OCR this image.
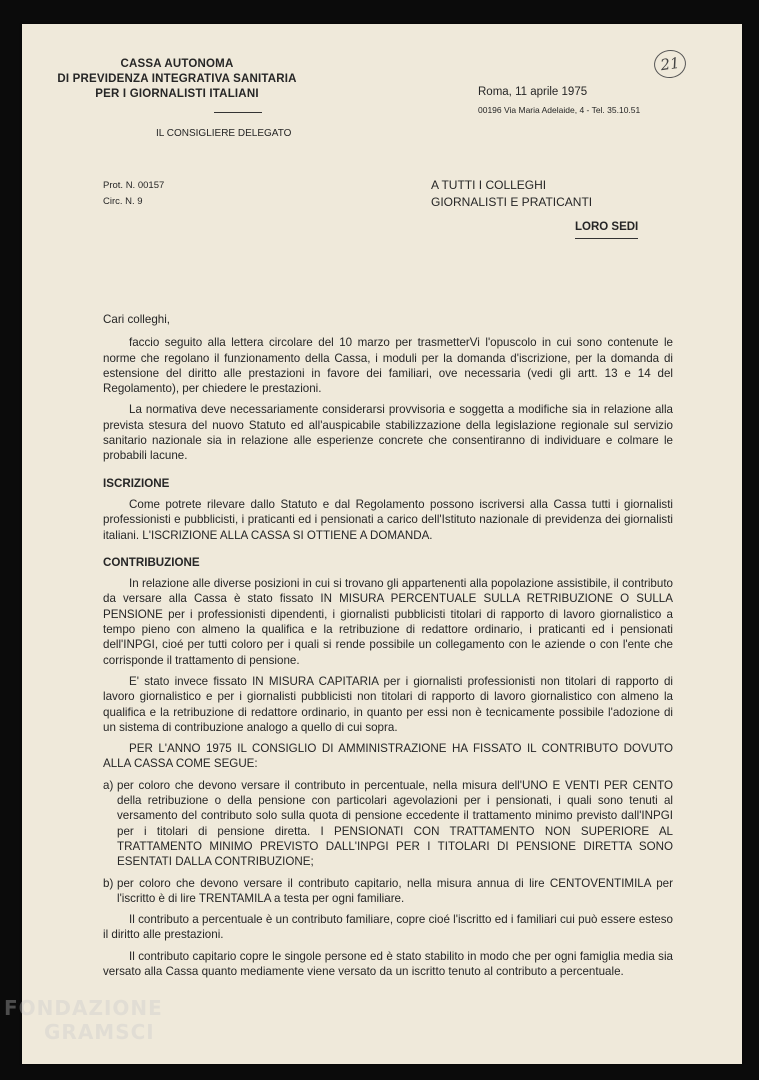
CASSA AUTONOMA
DI PREVIDENZA INTEGRATIVA SANITARIA
PER I GIORNALISTI ITALIANI
IL CONSIGLIERE DELEGATO
Roma, 11 aprile 1975
00196 Via Maria Adelaide, 4 - Tel. 35.10.51
21
Prot. N. 00157
Circ. N. 9
A TUTTI I COLLEGHI
GIORNALISTI E PRATICANTI
LORO SEDI

Cari colleghi,

faccio seguito alla lettera circolare del 10 marzo per trasmetterVi l'opuscolo in cui sono contenute le norme che regolano il funzionamento della Cassa, i moduli per la domanda d'iscrizione, per la domanda di estensione del diritto alle prestazioni in favore dei familiari, ove necessaria (vedi gli artt. 13 e 14 del Regolamento), per chiedere le prestazioni.

La normativa deve necessariamente considerarsi provvisoria e soggetta a modifiche sia in relazione alla prevista stesura del nuovo Statuto ed all'auspicabile stabilizzazione della legislazione regionale sul servizio sanitario nazionale sia in relazione alle esperienze concrete che consentiranno di individuare e colmare le probabili lacune.

ISCRIZIONE

Come potrete rilevare dallo Statuto e dal Regolamento possono iscriversi alla Cassa tutti i giornalisti professionisti e pubblicisti, i praticanti ed i pensionati a carico dell'Istituto nazionale di previdenza dei giornalisti italiani. L'ISCRIZIONE ALLA CASSA SI OTTIENE A DOMANDA.

CONTRIBUZIONE

In relazione alle diverse posizioni in cui si trovano gli appartenenti alla popolazione assistibile, il contributo da versare alla Cassa è stato fissato IN MISURA PERCENTUALE SULLA RETRIBUZIONE O SULLA PENSIONE per i professionisti dipendenti, i giornalisti pubblicisti titolari di rapporto di lavoro giornalistico a tempo pieno con almeno la qualifica e la retribuzione di redattore ordinario, i praticanti ed i pensionati dell'INPGI, cioé per tutti coloro per i quali si rende possibile un collegamento con le aziende o con l'ente che corrisponde il trattamento di pensione.

E' stato invece fissato IN MISURA CAPITARIA per i giornalisti professionisti non titolari di rapporto di lavoro giornalistico e per i giornalisti pubblicisti non titolari di rapporto di lavoro giornalistico con almeno la qualifica e la retribuzione di redattore ordinario, in quanto per essi non è tecnicamente possibile l'adozione di un sistema di contribuzione analogo a quello di cui sopra.

PER L'ANNO 1975 IL CONSIGLIO DI AMMINISTRAZIONE HA FISSATO IL CONTRIBUTO DOVUTO ALLA CASSA COME SEGUE:

a) per coloro che devono versare il contributo in percentuale, nella misura dell'UNO E VENTI PER CENTO della retribuzione o della pensione con particolari agevolazioni per i pensionati, i quali sono tenuti al versamento del contributo solo sulla quota di pensione eccedente il trattamento minimo previsto dall'INPGI per i titolari di pensione diretta. I PENSIONATI CON TRATTAMENTO NON SUPERIORE AL TRATTAMENTO MINIMO PREVISTO DALL'INPGI PER I TITOLARI DI PENSIONE DIRETTA SONO ESENTATI DALLA CONTRIBUZIONE;
b) per coloro che devono versare il contributo capitario, nella misura annua di lire CENTOVENTIMILA per l'iscritto è di lire TRENTAMILA a testa per ogni familiare.

Il contributo a percentuale è un contributo familiare, copre cioé l'iscritto ed i familiari cui può essere esteso il diritto alle prestazioni.

Il contributo capitario copre le singole persone ed è stato stabilito in modo che per ogni famiglia media sia versato alla Cassa quanto mediamente viene versato da un iscritto tenuto al contributo a percentuale.

FONDAZIONE
GRAMSCI
